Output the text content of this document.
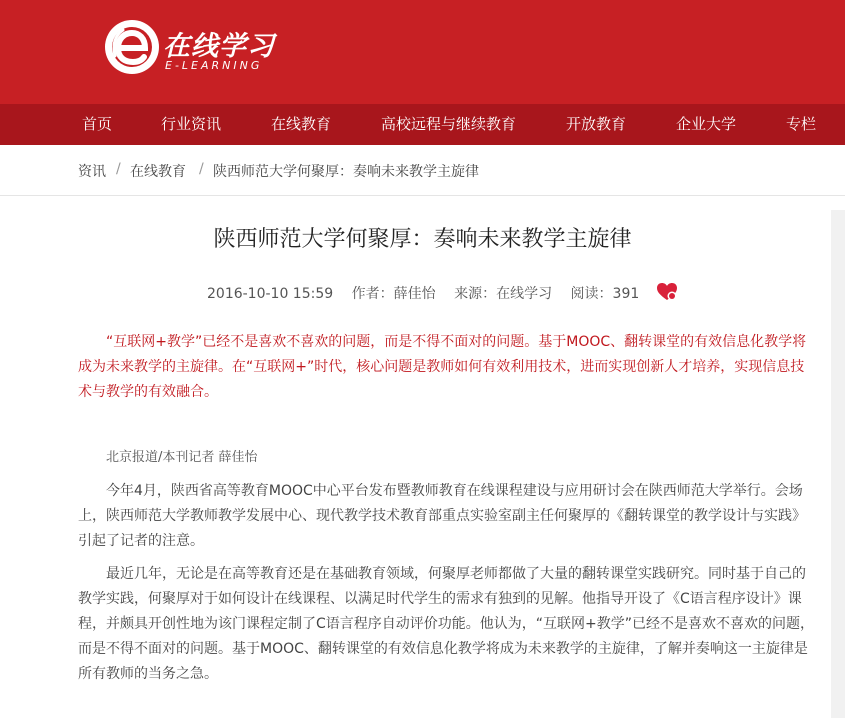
在线学习
E-LEARNING
首页	行业资讯	在线教育	高校远程与继续教育	开放教育	企业大学	专栏
资讯 / 在线教育 / 陕西师范大学何聚厚：奏响未来教学主旋律
陕西师范大学何聚厚：奏响未来教学主旋律
2016-10-10 15:59 作者：薛佳怡 来源：在线学习 阅读：391
“互联网+教学”已经不是喜欢不喜欢的问题，而是不得不面对的问题。基于MOOC、翻转课堂的有效信息化教学将成为未来教学的主旋律。在“互联网+”时代，核心问题是教师如何有效利用技术，进而实现创新人才培养，实现信息技术与教学的有效融合。
北京报道/本刊记者 薛佳怡
今年4月，陕西省高等教育MOOC中心平台发布暨教师教育在线课程建设与应用研讨会在陕西师范大学举行。会场上，陕西师范大学教师教学发展中心、现代教学技术教育部重点实验室副主任何聚厚的《翻转课堂的教学设计与实践》引起了记者的注意。
最近几年，无论是在高等教育还是在基础教育领域，何聚厚老师都做了大量的翻转课堂实践研究。同时基于自己的教学实践，何聚厚对于如何设计在线课程、以满足时代学生的需求有独到的见解。他指导开设了《C语言程序设计》课程，并颇具开创性地为该门课程定制了C语言程序自动评价功能。他认为，“互联网+教学”已经不是喜欢不喜欢的问题，而是不得不面对的问题。基于MOOC、翻转课堂的有效信息化教学将成为未来教学的主旋律，了解并奏响这一主旋律是所有教师的当务之急。
